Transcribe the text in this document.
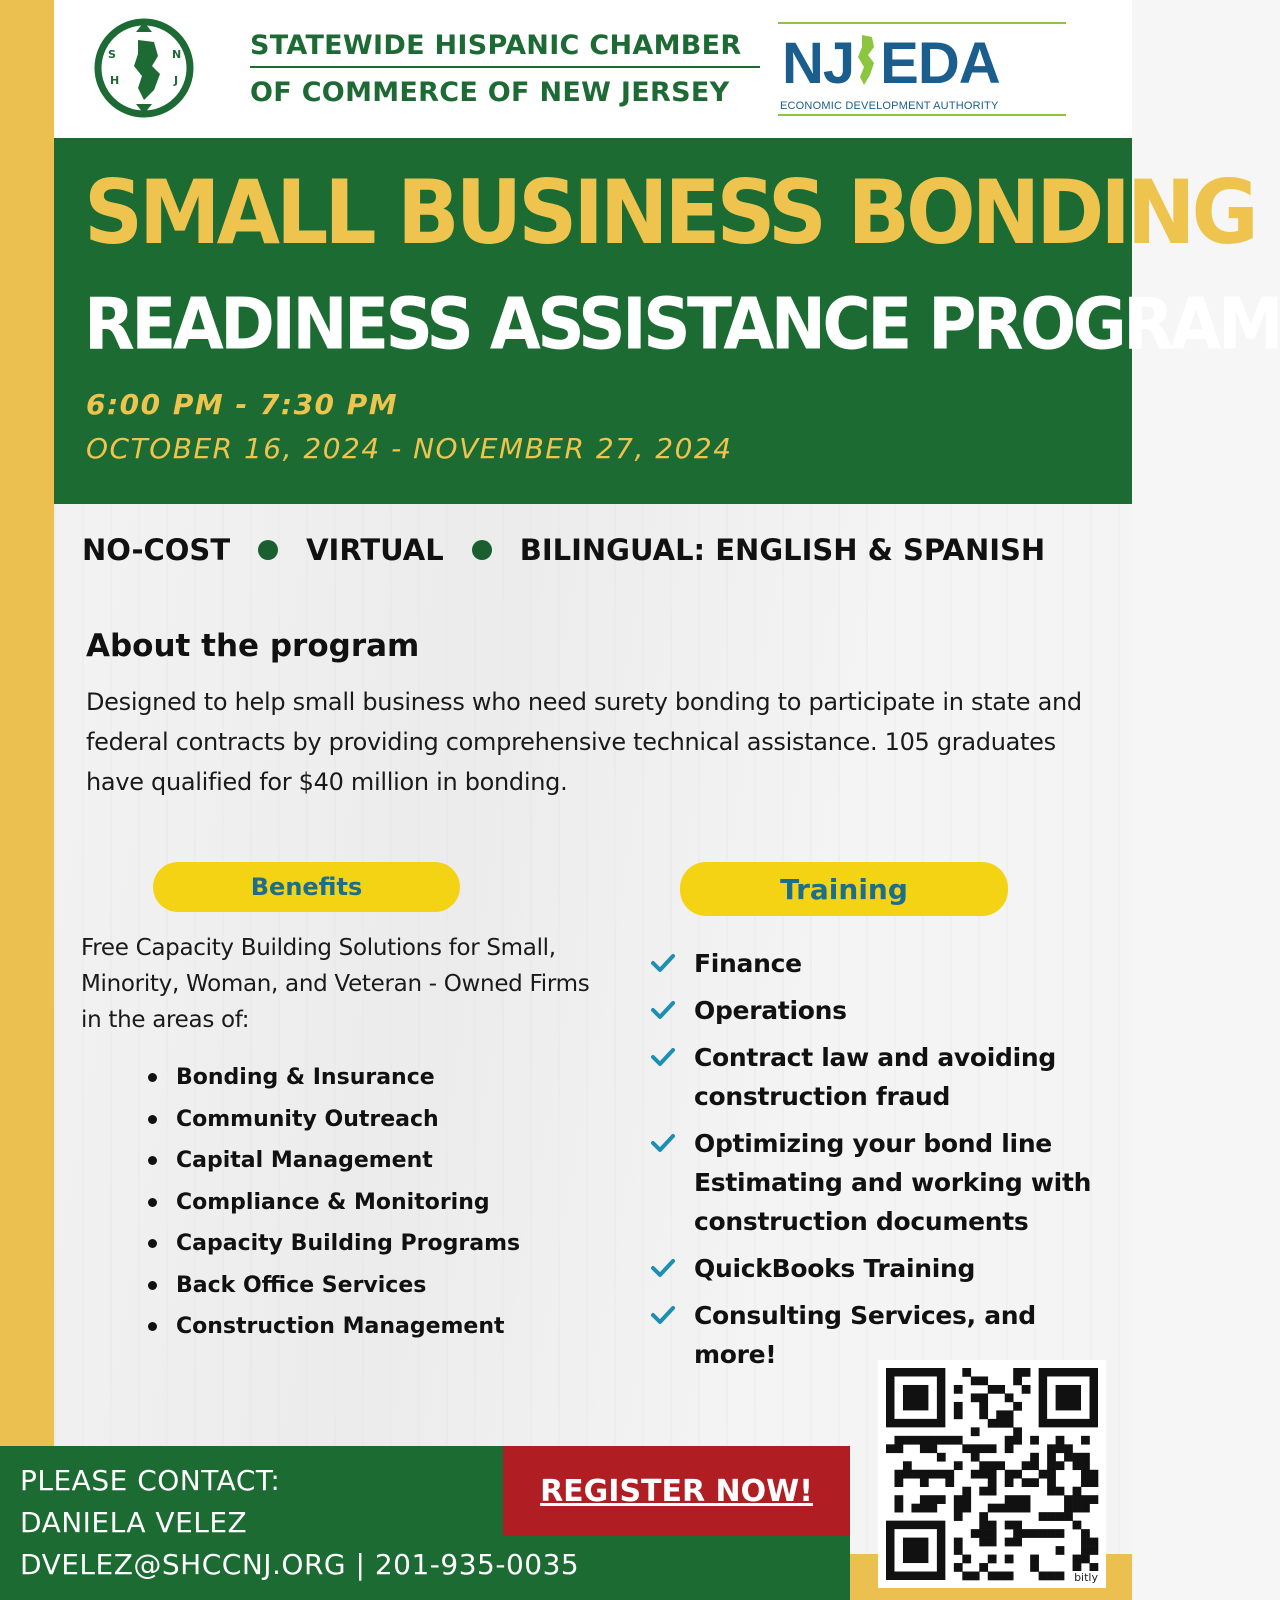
S
H
N
J
STATEWIDE HISPANIC CHAMBER
OF COMMERCE OF NEW JERSEY NJ EDA
ECONOMIC DEVELOPMENT AUTHORITY
SMALL BUSINESS BONDING
READINESS ASSISTANCE PROGRAM
6:00 PM - 7:30 PM
OCTOBER 16, 2024 - NOVEMBER 27, 2024
NO-COST	VIRTUAL	BILINGUAL: ENGLISH & SPANISH
About the program
Designed to help small business who need surety bonding to participate in state and federal contracts by providing comprehensive technical assistance. 105 graduates have qualified for $40 million in bonding.
Benefits
Free Capacity Building Solutions for Small, Minority, Woman, and Veteran - Owned Firms in the areas of:
Bonding & Insurance
Community Outreach
Capital Management
Compliance & Monitoring
Capacity Building Programs
Back Office Services
Construction Management
Training
Finance
Operations
Contract law and avoiding construction fraud
Optimizing your bond line Estimating and working with construction documents
QuickBooks Training
Consulting Services, and more!
PLEASE CONTACT:
DANIELA VELEZ
DVELEZ@SHCCNJ.ORG | 201-935-0035
REGISTER NOW!
bitly
